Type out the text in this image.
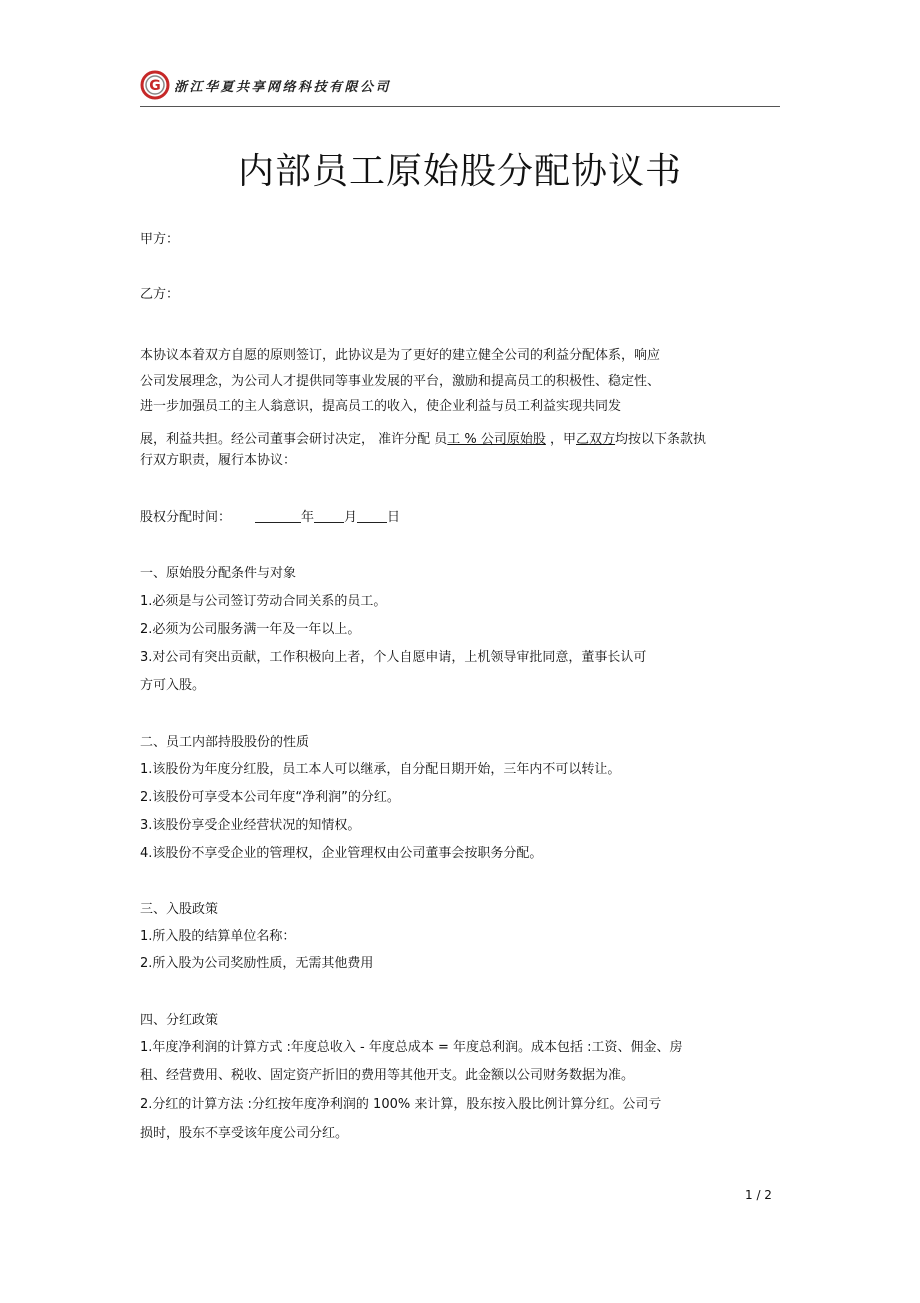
G 浙江华夏共享网络科技有限公司
内部员工原始股分配协议书
甲方：
乙方：
本协议本着双方自愿的原则签订，此协议是为了更好的建立健全公司的利益分配体系，响应
公司发展理念，为公司人才提供同等事业发展的平台，激励和提高员工的积极性、稳定性、
进一步加强员工的主人翁意识，提高员工的收入，使企业利益与员工利益实现共同发
展，利益共担。经公司董事会研讨决定， 准许分配 员工 % 公司原始股 ，甲乙双方均按以下条款执
行双方职责，履行本协议：
股权分配时间：	年 月 日
一、原始股分配条件与对象
1.必须是与公司签订劳动合同关系的员工。
2.必须为公司服务满一年及一年以上。
3.对公司有突出贡献，工作积极向上者，个人自愿申请，上机领导审批同意，董事长认可
方可入股。
二、员工内部持股股份的性质
1.该股份为年度分红股，员工本人可以继承，自分配日期开始，三年内不可以转让。
2.该股份可享受本公司年度“净利润”的分红。
3.该股份享受企业经营状况的知情权。
4.该股份不享受企业的管理权，企业管理权由公司董事会按职务分配。
三、入股政策
1.所入股的结算单位名称：
2.所入股为公司奖励性质，无需其他费用
四、分红政策
1.年度净利润的计算方式 :年度总收入 - 年度总成本 = 年度总利润。成本包括 :工资、佣金、房
租、经营费用、税收、固定资产折旧的费用等其他开支。此金额以公司财务数据为准。
2.分红的计算方法 :分红按年度净利润的 100% 来计算，股东按入股比例计算分红。公司亏
损时，股东不享受该年度公司分红。
1 / 2
